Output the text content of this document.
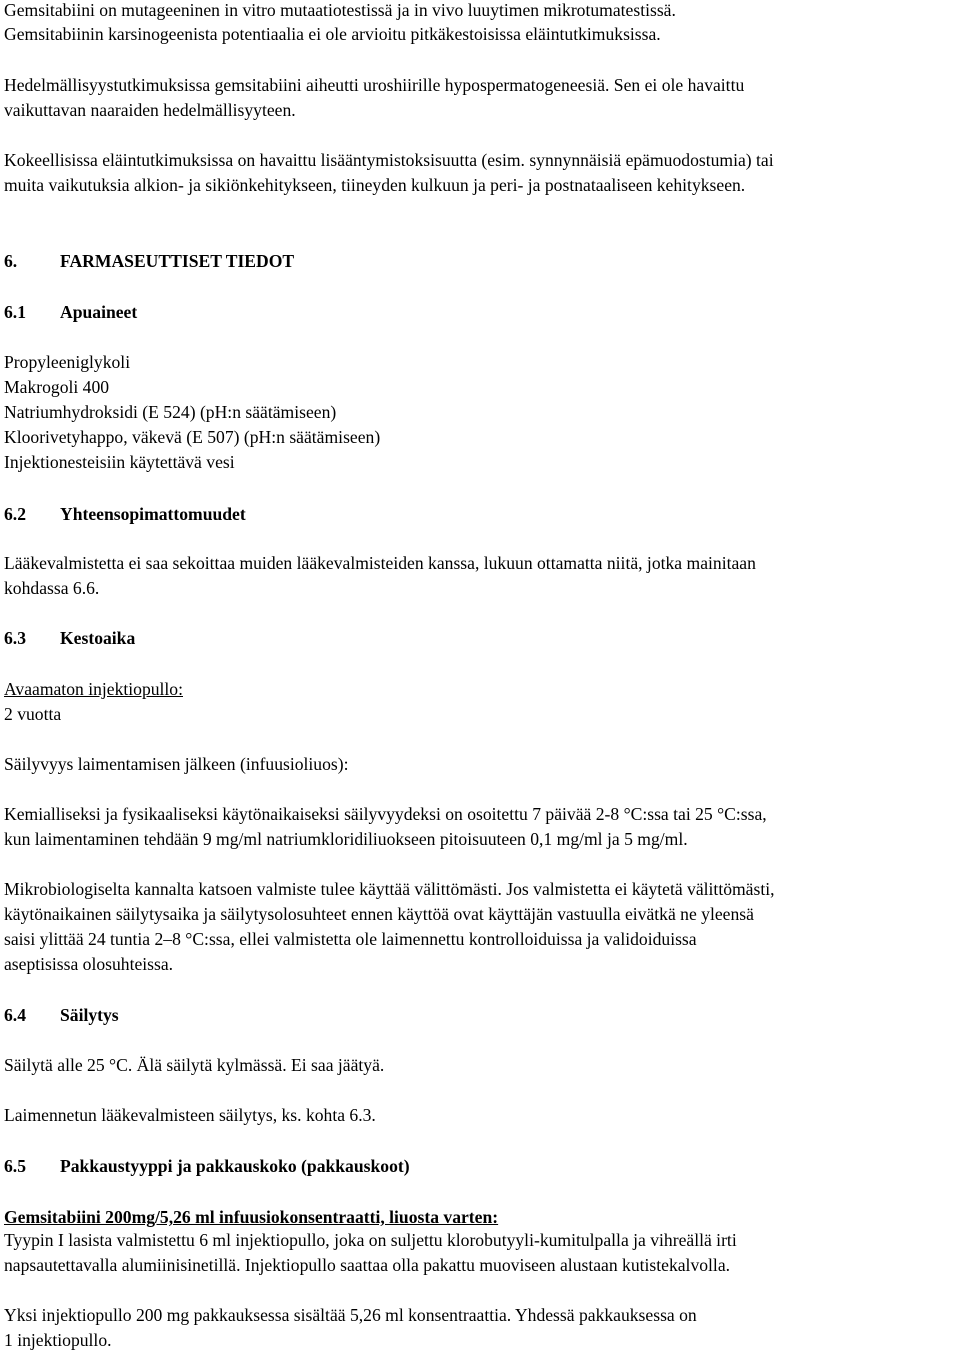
Gemsitabiini on mutageeninen in vitro mutaatiotestissä ja in vivo luuytimen mikrotumatestissä.
Gemsitabiinin karsinogeenista potentiaalia ei ole arvioitu pitkäkestoisissa eläintutkimuksissa.
Hedelmällisyystutkimuksissa gemsitabiini aiheutti uroshiirille hypospermatogeneesiä. Sen ei ole havaittu
vaikuttavan naaraiden hedelmällisyyteen.
Kokeellisissa eläintutkimuksissa on havaittu lisääntymistoksisuutta (esim. synnynnäisiä epämuodostumia) tai
muita vaikutuksia alkion- ja sikiönkehitykseen, tiineyden kulkuun ja peri- ja postnataaliseen kehitykseen.
6. FARMASEUTTISET TIEDOT
6.1 Apuaineet
Propyleeniglykoli
Makrogoli 400
Natriumhydroksidi (E 524) (pH:n säätämiseen)
Kloorivetyhappo, väkevä (E 507) (pH:n säätämiseen)
Injektionesteisiin käytettävä vesi
6.2 Yhteensopimattomuudet
Lääkevalmistetta ei saa sekoittaa muiden lääkevalmisteiden kanssa, lukuun ottamatta niitä, jotka mainitaan
kohdassa 6.6.
6.3 Kestoaika
Avaamaton injektiopullo:
2 vuotta
Säilyvyys laimentamisen jälkeen (infuusioliuos):
Kemialliseksi ja fysikaaliseksi käytönaikaiseksi säilyvyydeksi on osoitettu 7 päivää 2-8 °C:ssa tai 25 °C:ssa,
kun laimentaminen tehdään 9 mg/ml natriumkloridiliuokseen pitoisuuteen 0,1 mg/ml ja 5 mg/ml.
Mikrobiologiselta kannalta katsoen valmiste tulee käyttää välittömästi. Jos valmistetta ei käytetä välittömästi,
käytönaikainen säilytysaika ja säilytysolosuhteet ennen käyttöä ovat käyttäjän vastuulla eivätkä ne yleensä
saisi ylittää 24 tuntia 2–8 °C:ssa, ellei valmistetta ole laimennettu kontrolloiduissa ja validoiduissa
aseptisissa olosuhteissa.
6.4 Säilytys
Säilytä alle 25 °C. Älä säilytä kylmässä. Ei saa jäätyä.
Laimennetun lääkevalmisteen säilytys, ks. kohta 6.3.
6.5 Pakkaustyyppi ja pakkauskoko (pakkauskoot)
Gemsitabiini 200mg/5,26 ml infuusiokonsentraatti, liuosta varten:
Tyypin I lasista valmistettu 6 ml injektiopullo, joka on suljettu klorobutyyli-kumitulpalla ja vihreällä irti
napsautettavalla alumiinisinetillä. Injektiopullo saattaa olla pakattu muoviseen alustaan kutistekalvolla.
Yksi injektiopullo 200 mg pakkauksessa sisältää 5,26 ml konsentraattia. Yhdessä pakkauksessa on
1 injektiopullo.
